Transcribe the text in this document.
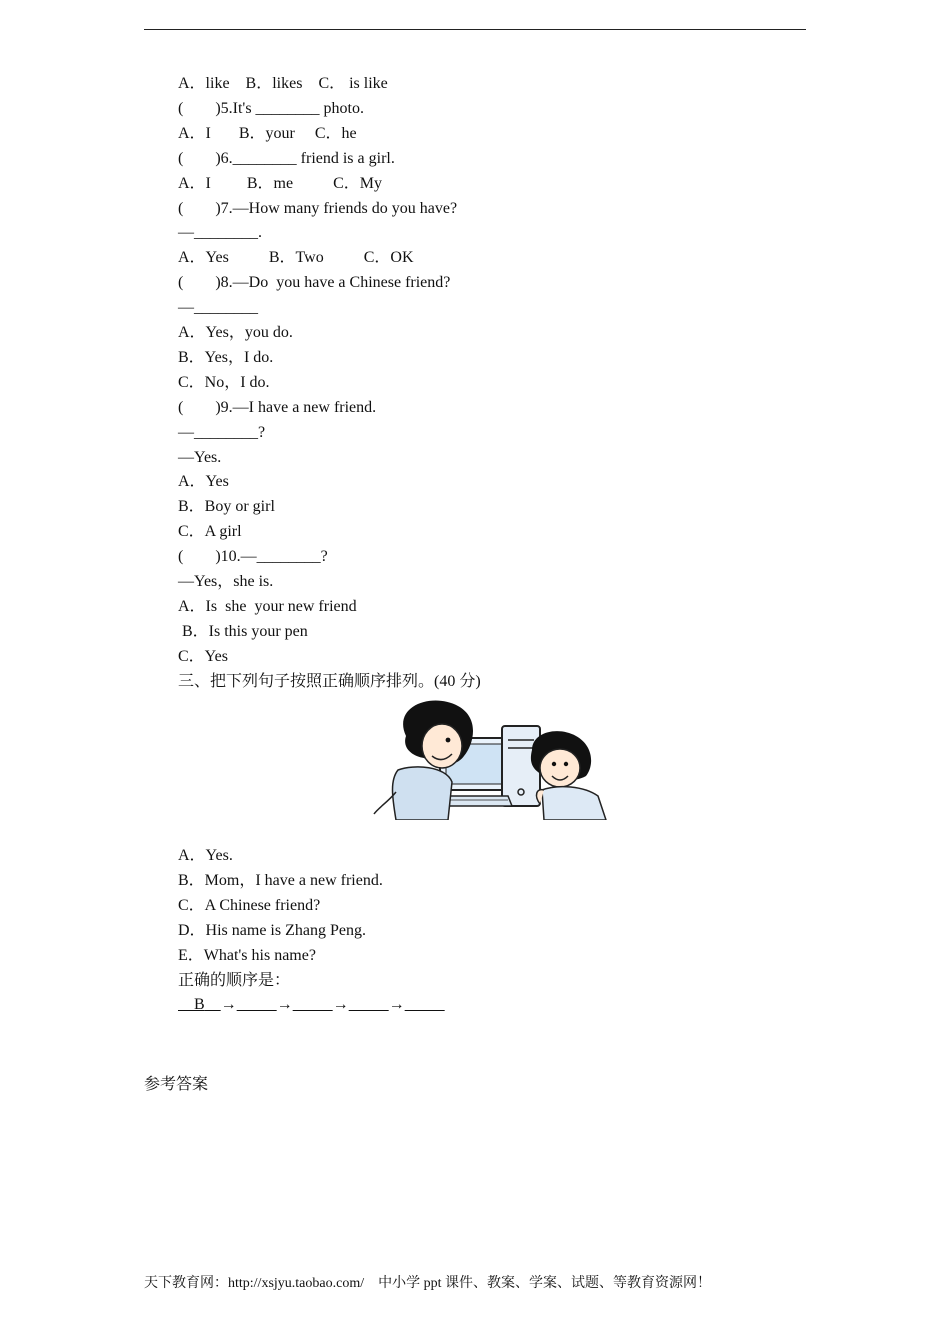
A．like    B．likes    C． is like
(        )5.It's ________ photo.
A．I       B．your     C．he
(        )6.________ friend is a girl.
A．I         B．me          C．My
(        )7.—How many friends do you have?
—________.
A．Yes          B．Two          C．OK
(        )8.—Do  you have a Chinese friend?
—________
A．Yes，you do.
B．Yes，I do.
C．No，I do.
(        )9.—I have a new friend.
—________?
—Yes.
A．Yes
B．Boy or girl
C．A girl
(        )10.—________?
—Yes，she is.
A．Is  she  your new friend
B．Is this your pen
C．Yes
三、把下列句子按照正确顺序排列。(40 分)
A．Yes.
B．Mom，I have a new friend.
C．A Chinese friend?
D．His name is Zhang Peng.
E．What's his name?
正确的顺序是：
B →	→	→	→
参考答案
天下教育网：http://xsjyu.taobao.com/    中小学 ppt 课件、教案、学案、试题、等教育资源网！
